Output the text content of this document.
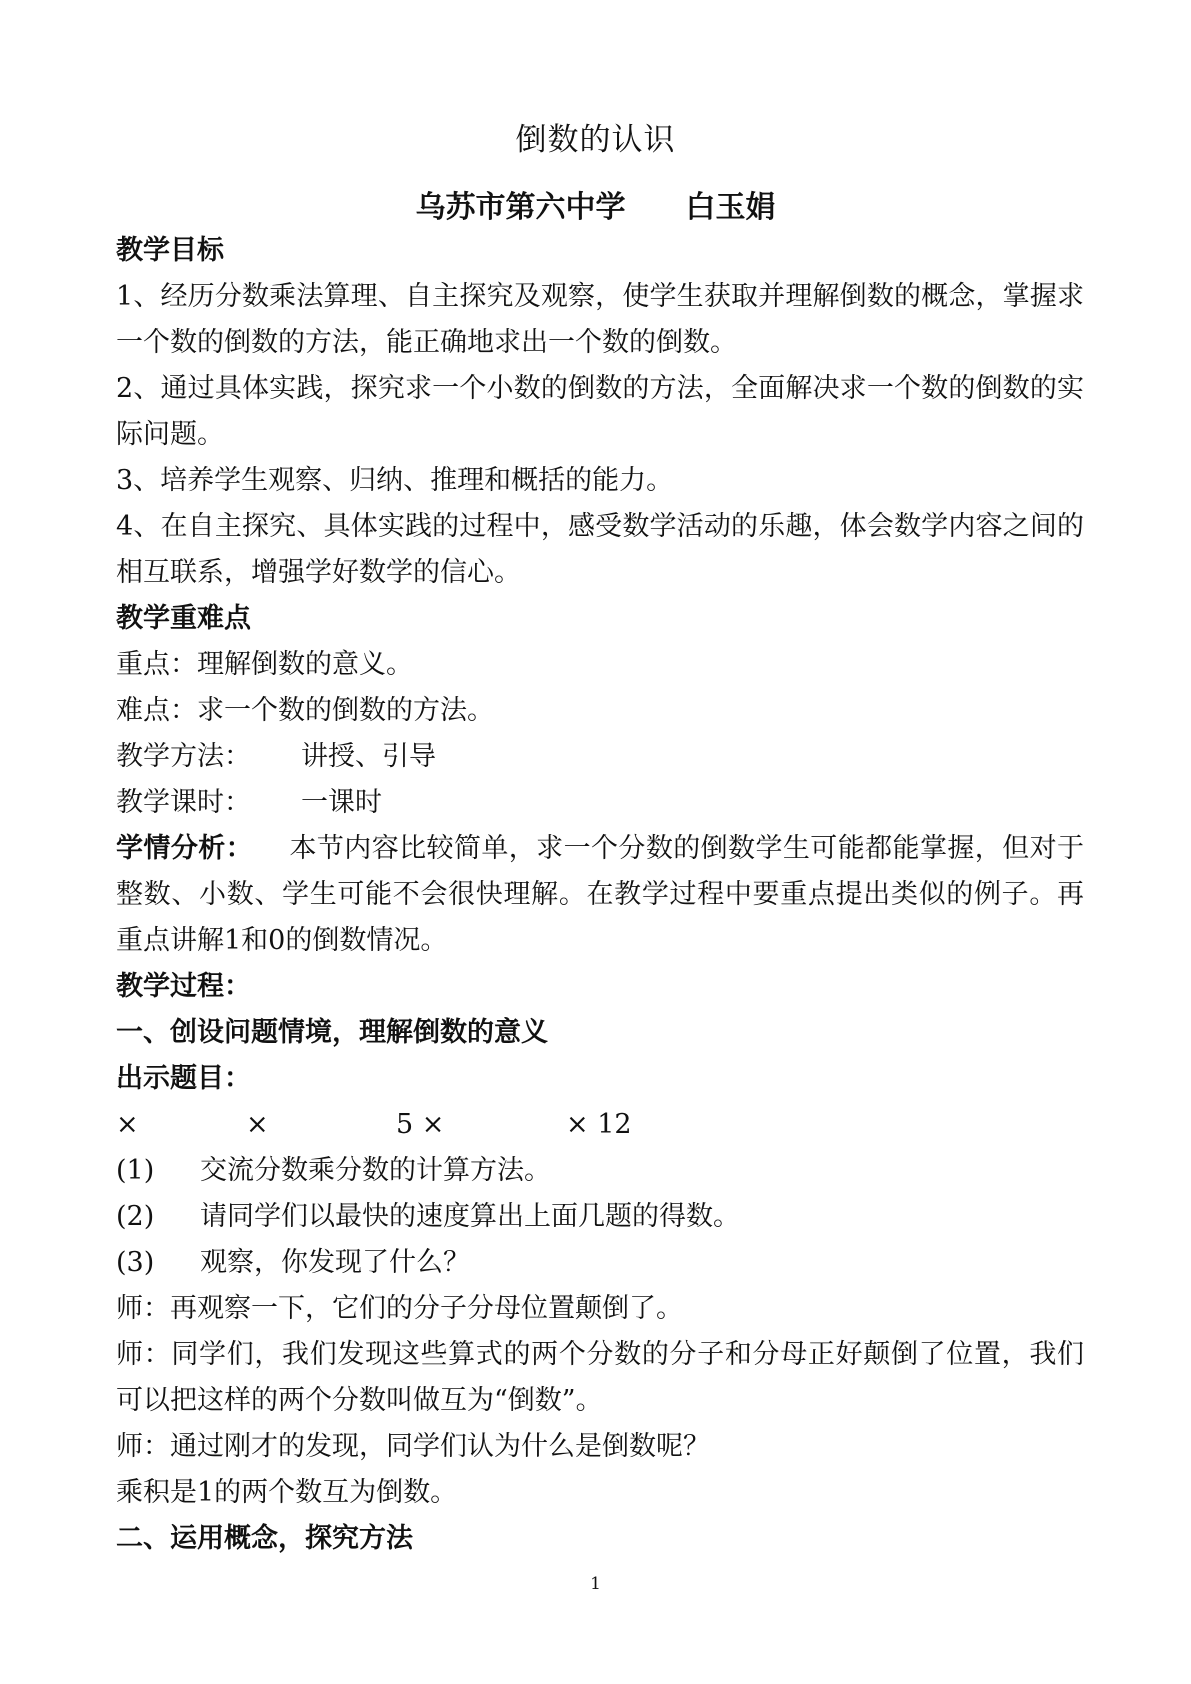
倒数的认识
乌苏市第六中学 白玉娟

教学目标

1、经历分数乘法算理、自主探究及观察，使学生获取并理解倒数的概念，掌握求一个数的倒数的方法，能正确地求出一个数的倒数。

2、通过具体实践，探究求一个小数的倒数的方法，全面解决求一个数的倒数的实际问题。

3、培养学生观察、归纳、推理和概括的能力。

4、在自主探究、具体实践的过程中，感受数学活动的乐趣，体会数学内容之间的相互联系，增强学好数学的信心。

教学重难点

重点：理解倒数的意义。

难点：求一个数的倒数的方法。

教学方法： 讲授、引导

教学课时： 一课时

学情分析： 本节内容比较简单，求一个分数的倒数学生可能都能掌握，但对于整数、小数、学生可能不会很快理解。在教学过程中要重点提出类似的例子。再重点讲解1和0的倒数情况。

教学过程：

一、创设问题情境，理解倒数的意义

出示题目：

×	×	5 ×	× 12

(1) 交流分数乘分数的计算方法。

(2) 请同学们以最快的速度算出上面几题的得数。

(3) 观察，你发现了什么？

师：再观察一下，它们的分子分母位置颠倒了。

师：同学们，我们发现这些算式的两个分数的分子和分母正好颠倒了位置，我们可以把这样的两个分数叫做互为“倒数”。

师：通过刚才的发现，同学们认为什么是倒数呢？

乘积是1的两个数互为倒数。

二、运用概念，探究方法

1
